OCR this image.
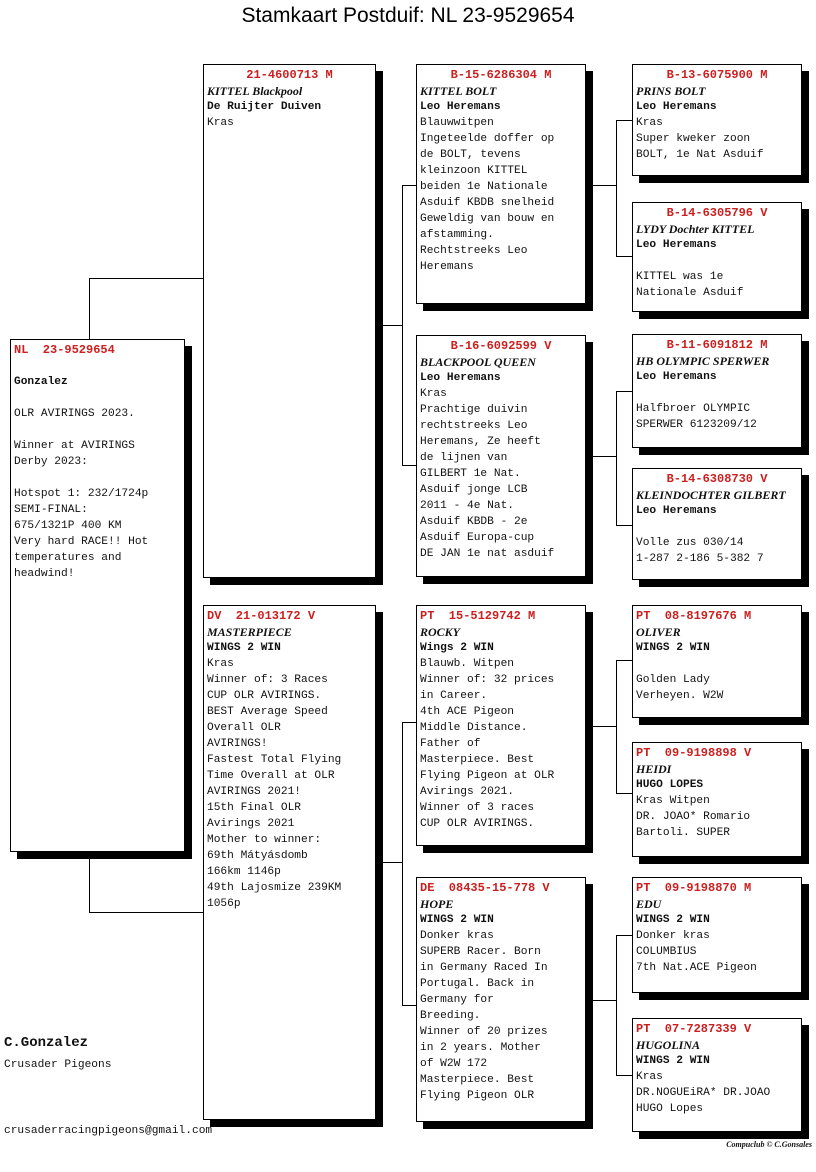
Stamkaart Postduif: NL 23-9529654
NL  23-9529654
Gonzalez
OLR AVIRINGS 2023.
Winner at AVIRINGS
Derby 2023:
Hotspot 1: 232/1724p
SEMI-FINAL:
675/1321P 400 KM
Very hard RACE!! Hot
temperatures and
headwind!
21-4600713 M
KITTEL Blackpool
De Ruijter Duiven
Kras
DV  21-013172 V
MASTERPIECE
WINGS 2 WIN
Kras
Winner of: 3 Races
CUP OLR AVIRINGS.
BEST Average Speed
Overall OLR
AVIRINGS!
Fastest Total Flying
Time Overall at OLR
AVIRINGS 2021!
15th Final OLR
Avirings 2021
Mother to winner:
69th Mátyásdomb
166km 1146p
49th Lajosmize 239KM
1056p
B-15-6286304 M
KITTEL BOLT
Leo Heremans
Blauwwitpen
Ingeteelde doffer op
de BOLT, tevens
kleinzoon KITTEL
beiden 1e Nationale
Asduif KBDB snelheid
Geweldig van bouw en
afstamming.
Rechtstreeks Leo
Heremans
B-16-6092599 V
BLACKPOOL QUEEN
Leo Heremans
Kras
Prachtige duivin
rechtstreeks Leo
Heremans, Ze heeft
de lijnen van
GILBERT 1e Nat.
Asduif jonge LCB
2011 - 4e Nat.
Asduif KBDB - 2e
Asduif Europa-cup
DE JAN 1e nat asduif
PT  15-5129742 M
ROCKY
Wings 2 WIN
Blauwb. Witpen
Winner of: 32 prices
in Career.
4th ACE Pigeon
Middle Distance.
Father of
Masterpiece. Best
Flying Pigeon at OLR
Avirings 2021.
Winner of 3 races
CUP OLR AVIRINGS.
DE  08435-15-778 V
HOPE
WINGS 2 WIN
Donker kras
SUPERB Racer. Born
in Germany Raced In
Portugal. Back in
Germany for
Breeding.
Winner of 20 prizes
in 2 years. Mother
of W2W 172
Masterpiece. Best
Flying Pigeon OLR
B-13-6075900 M
PRINS BOLT
Leo Heremans
Kras
Super kweker zoon
BOLT, 1e Nat Asduif
B-14-6305796 V
LYDY Dochter KITTEL
Leo Heremans
KITTEL was 1e
Nationale Asduif
B-11-6091812 M
HB OLYMPIC SPERWER
Leo Heremans
Halfbroer OLYMPIC
SPERWER 6123209/12
B-14-6308730 V
KLEINDOCHTER GILBERT
Leo Heremans
Volle zus 030/14
1-287 2-186 5-382 7
PT  08-8197676 M
OLIVER
WINGS 2 WIN
Golden Lady
Verheyen. W2W
PT  09-9198898 V
HEIDI
HUGO LOPES
Kras Witpen
DR. JOAO* Romario
Bartoli. SUPER
PT  09-9198870 M
EDU
WINGS 2 WIN
Donker kras
COLUMBIUS
7th Nat.ACE Pigeon
PT  07-7287339 V
HUGOLINA
WINGS 2 WIN
Kras
DR.NOGUEiRA* DR.JOAO
HUGO Lopes
C.Gonzalez
Crusader Pigeons
crusaderracingpigeons@gmail.com
Compuclub © C.Gonsales
